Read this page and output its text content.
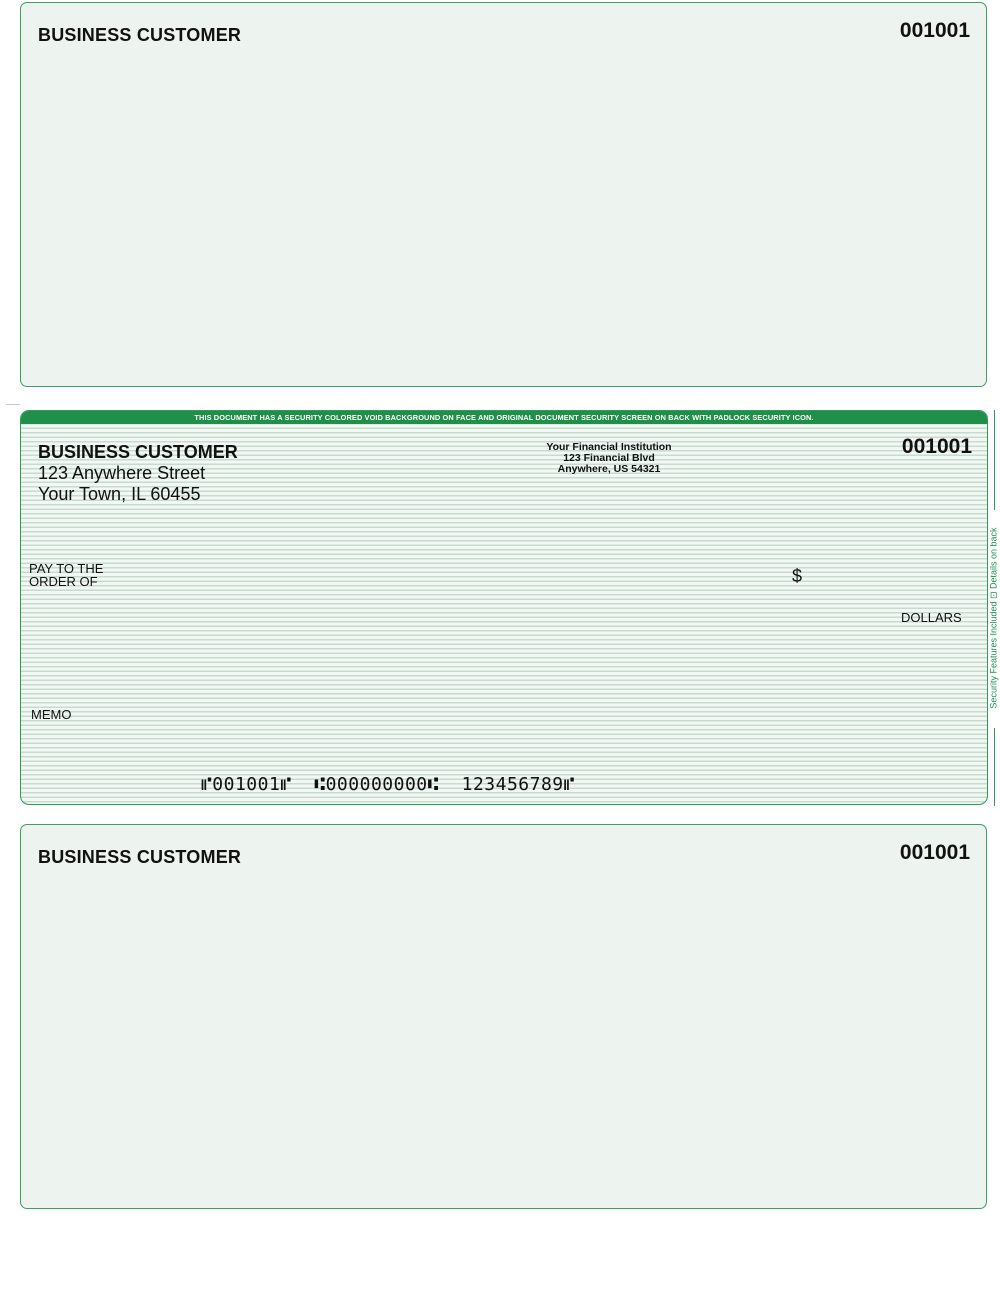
BUSINESS CUSTOMER	001001
THIS DOCUMENT HAS A SECURITY COLORED VOID BACKGROUND ON FACE AND ORIGINAL DOCUMENT SECURITY SCREEN ON BACK WITH PADLOCK SECURITY ICON.
BUSINESS CUSTOMER
123 Anywhere Street
Your Town, IL 60455
Your Financial Institution
123 Financial Blvd
Anywhere, US 54321
001001
PAY TO THE
ORDER OF	$
DOLLARS
MEMO
⑈001001⑈  ⑆000000000⑆  123456789⑈
Security Features Included ⊡ Details on back
BUSINESS CUSTOMER	001001
